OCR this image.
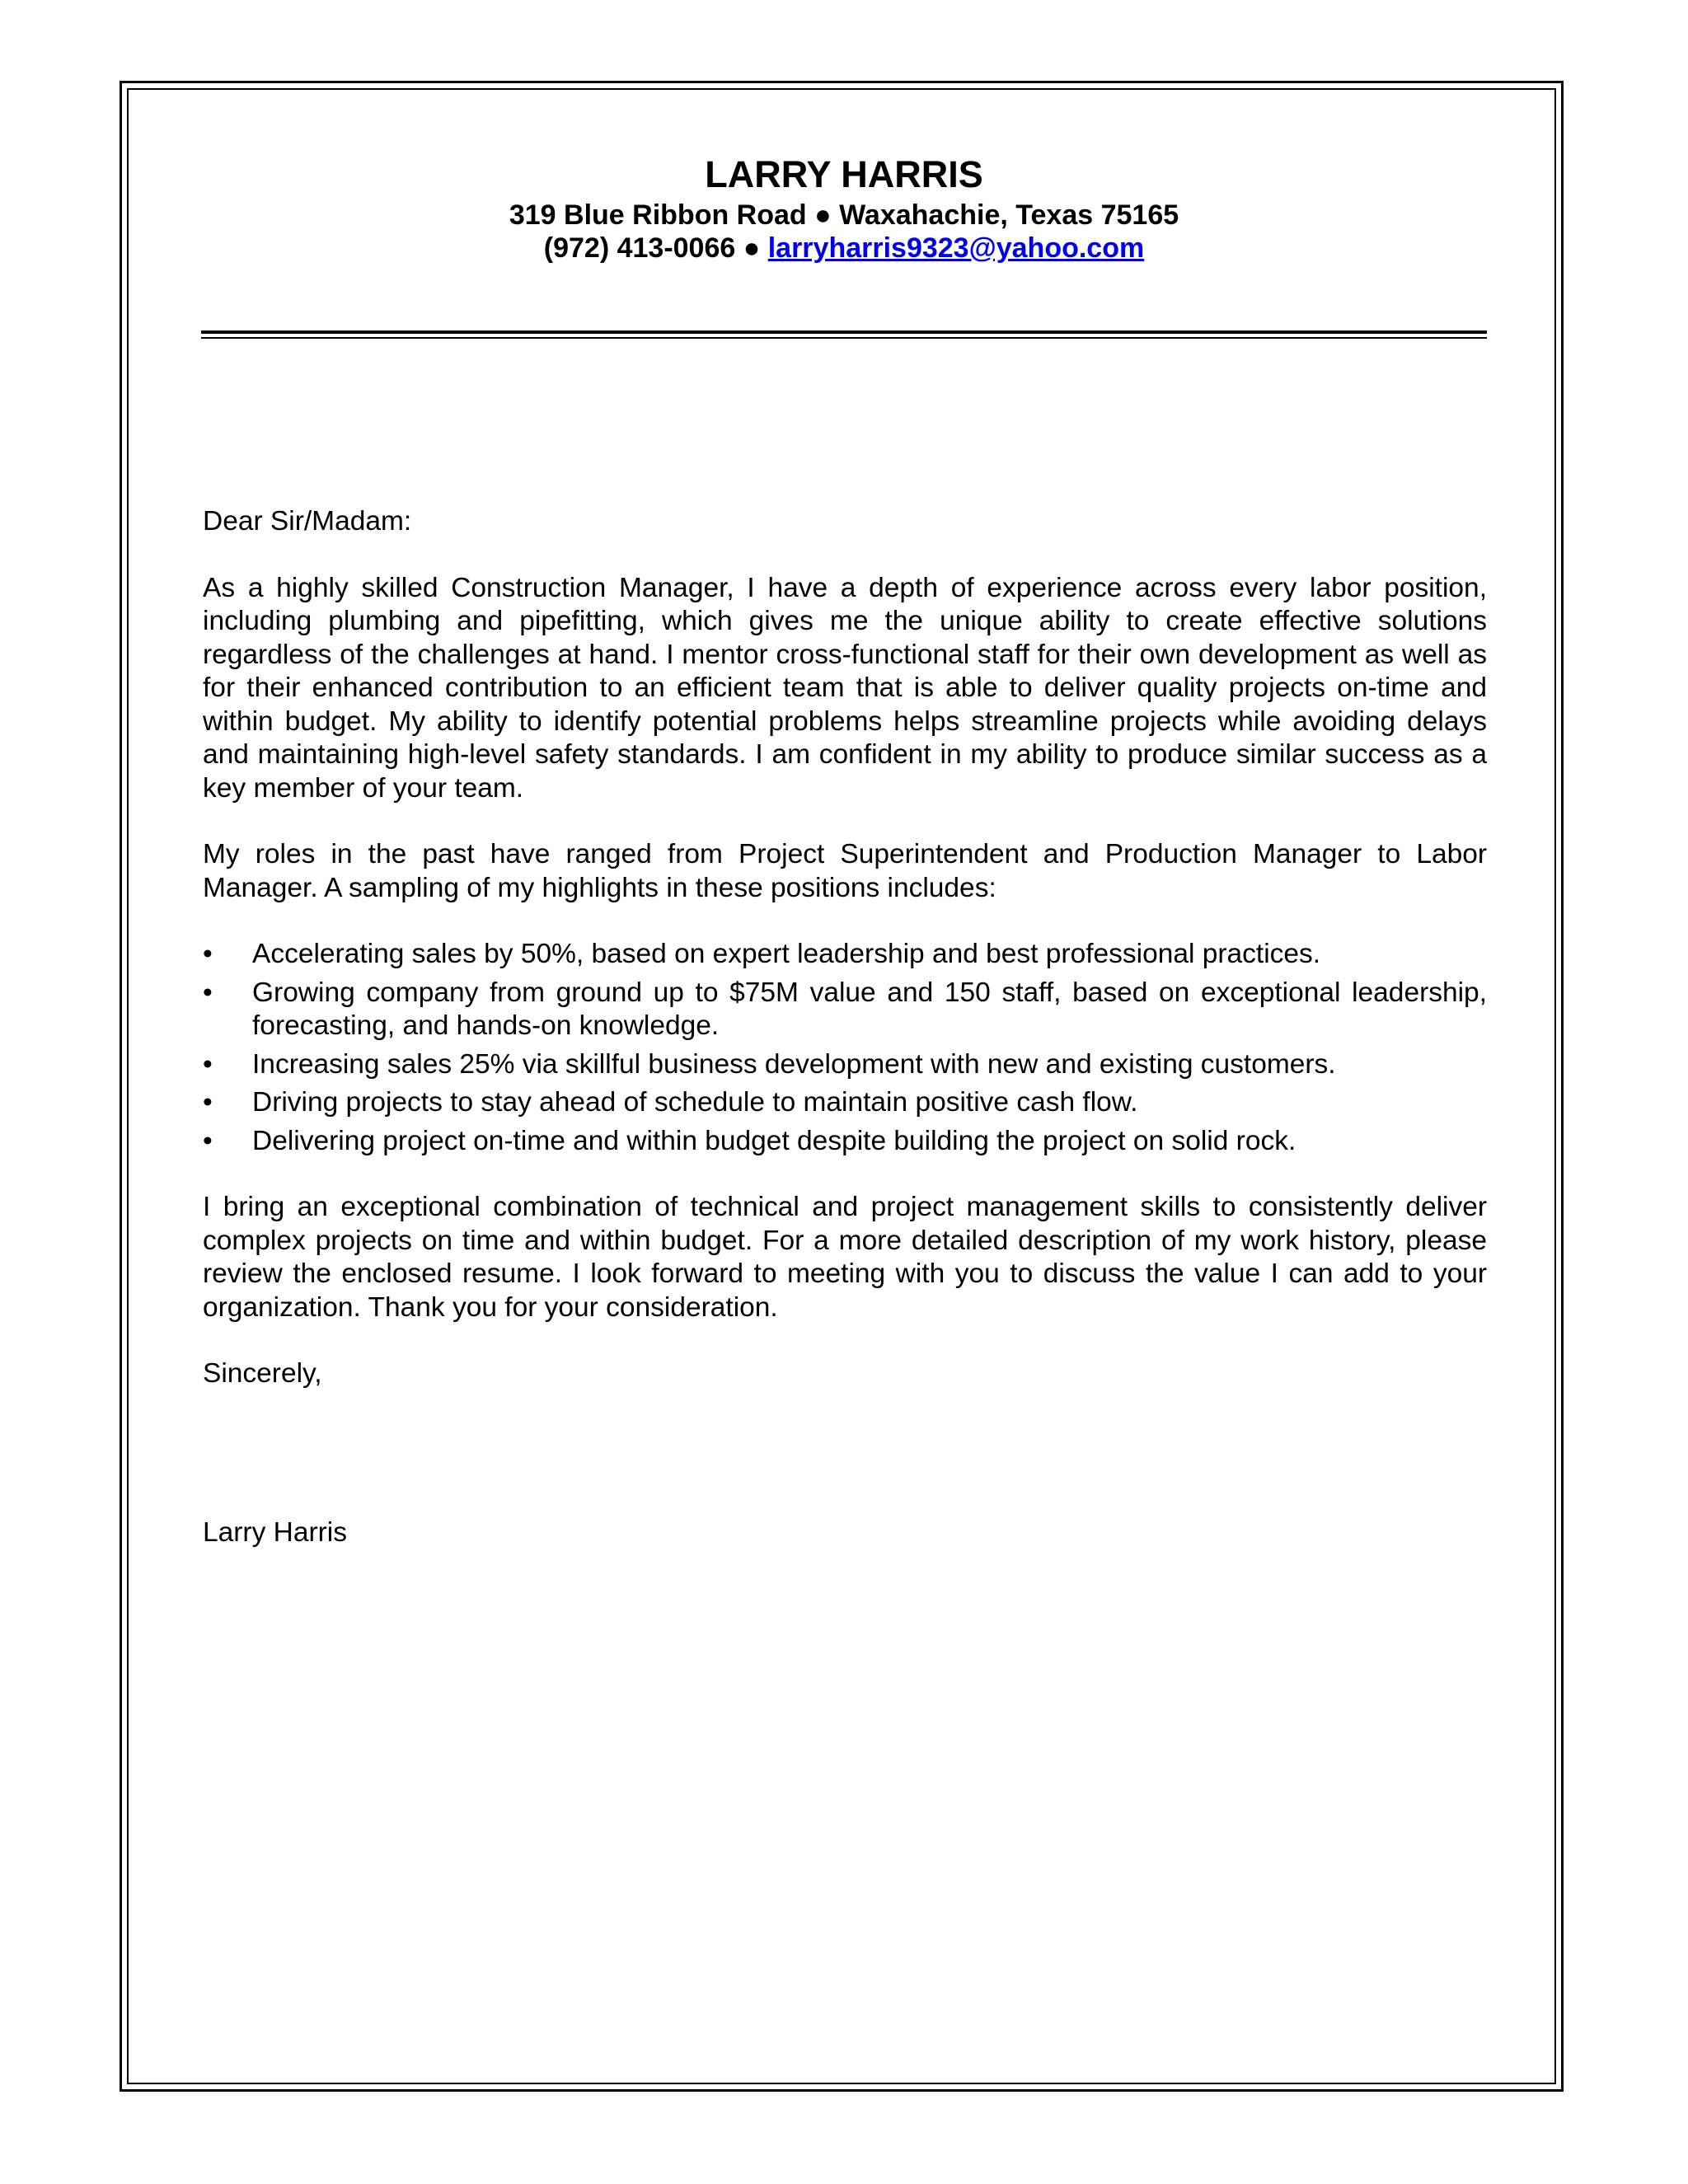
LARRY HARRIS
319 Blue Ribbon Road ● Waxahachie, Texas 75165
(972) 413-0066 ● larryharris9323@yahoo.com

Dear Sir/Madam:

As a highly skilled Construction Manager, I have a depth of experience across every labor position, including plumbing and pipefitting, which gives me the unique ability to create effective solutions regardless of the challenges at hand. I mentor cross-functional staff for their own development as well as for their enhanced contribution to an efficient team that is able to deliver quality projects on-time and within budget. My ability to identify potential problems helps streamline projects while avoiding delays and maintaining high-level safety standards. I am confident in my ability to produce similar success as a key member of your team.

My roles in the past have ranged from Project Superintendent and Production Manager to Labor Manager. A sampling of my highlights in these positions includes:

•	Accelerating sales by 50%, based on expert leadership and best professional practices.
•	Growing company from ground up to $75M value and 150 staff, based on exceptional leadership, forecasting, and hands-on knowledge.
•	Increasing sales 25% via skillful business development with new and existing customers.
•	Driving projects to stay ahead of schedule to maintain positive cash flow.
•	Delivering project on-time and within budget despite building the project on solid rock.

I bring an exceptional combination of technical and project management skills to consistently deliver complex projects on time and within budget. For a more detailed description of my work history, please review the enclosed resume. I look forward to meeting with you to discuss the value I can add to your organization. Thank you for your consideration.

Sincerely,

Larry Harris
